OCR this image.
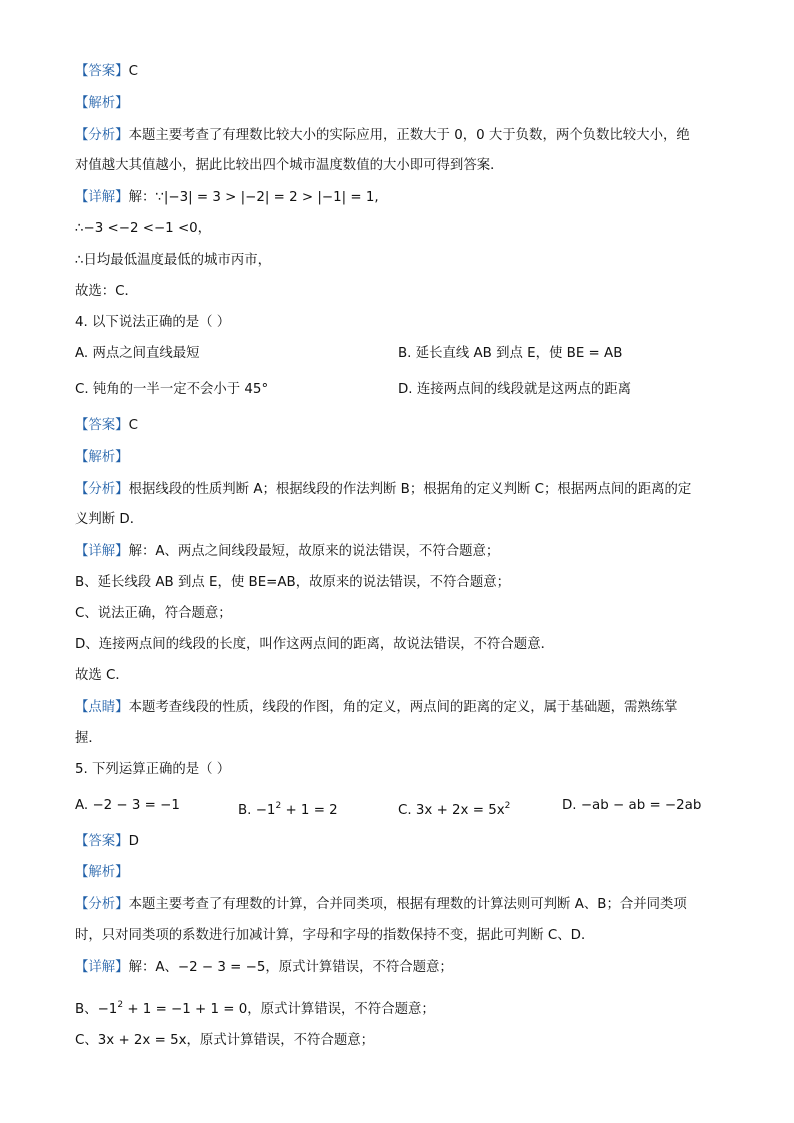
【答案】C
【解析】
【分析】本题主要考查了有理数比较大小的实际应用，正数大于 0，0 大于负数，两个负数比较大小，绝
对值越大其值越小，据此比较出四个城市温度数值的大小即可得到答案．
【详解】解：∵|−3| = 3 > |−2| = 2 > |−1| = 1,
∴−3 <−2 <−1 <0，
∴日均最低温度最低的城市丙市，
故选：C．
4. 以下说法正确的是（ ）
A. 两点之间直线最短	B. 延长直线 AB 到点 E，使 BE = AB
C. 钝角的一半一定不会小于 45°	D. 连接两点间的线段就是这两点的距离
【答案】C
【解析】
【分析】根据线段的性质判断 A；根据线段的作法判断 B；根据角的定义判断 C；根据两点间的距离的定
义判断 D．
【详解】解：A、两点之间线段最短，故原来的说法错误，不符合题意；
B、延长线段 AB 到点 E，使 BE=AB，故原来的说法错误，不符合题意；
C、说法正确，符合题意；
D、连接两点间的线段的长度，叫作这两点间的距离，故说法错误，不符合题意．
故选 C．
【点睛】本题考查线段的性质，线段的作图，角的定义，两点间的距离的定义，属于基础题，需熟练掌
握．
5. 下列运算正确的是（ ）
A. −2 − 3 = −1	B. $-1^2 + 1 = 2$	C. $3x + 2x = 5x^2$	D. −ab − ab = −2ab
【答案】D
【解析】
【分析】本题主要考查了有理数的计算，合并同类项，根据有理数的计算法则可判断 A、B；合并同类项
时，只对同类项的系数进行加减计算，字母和字母的指数保持不变，据此可判断 C、D．
【详解】解：A、−2 − 3 = −5，原式计算错误，不符合题意；
B、$-1^2 + 1 = -1 + 1 = 0$，原式计算错误，不符合题意；
C、3x + 2x = 5x，原式计算错误，不符合题意；
